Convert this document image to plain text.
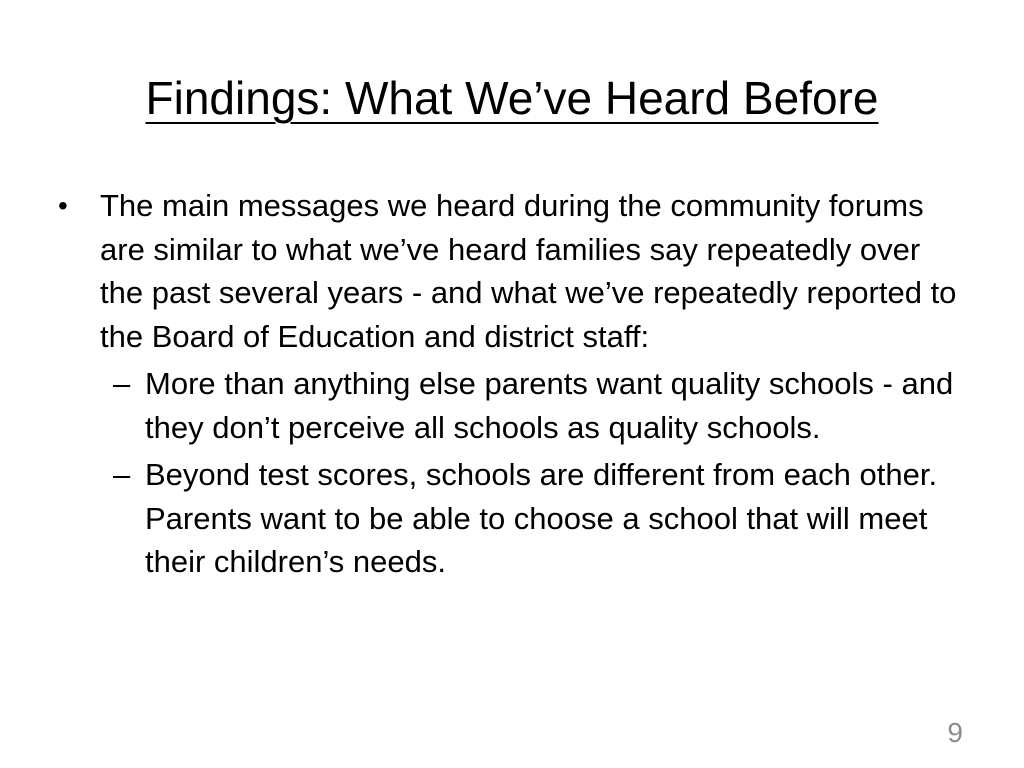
Findings: What We’ve Heard Before
•	The main messages we heard during the community forums are similar to what we’ve heard families say repeatedly over the past several years - and what we’ve repeatedly reported to the Board of Education and district staff:
– More than anything else parents want quality schools - and they don’t perceive all schools as quality schools.
– Beyond test scores, schools are different from each other. Parents want to be able to choose a school that will meet their children’s needs.
9
